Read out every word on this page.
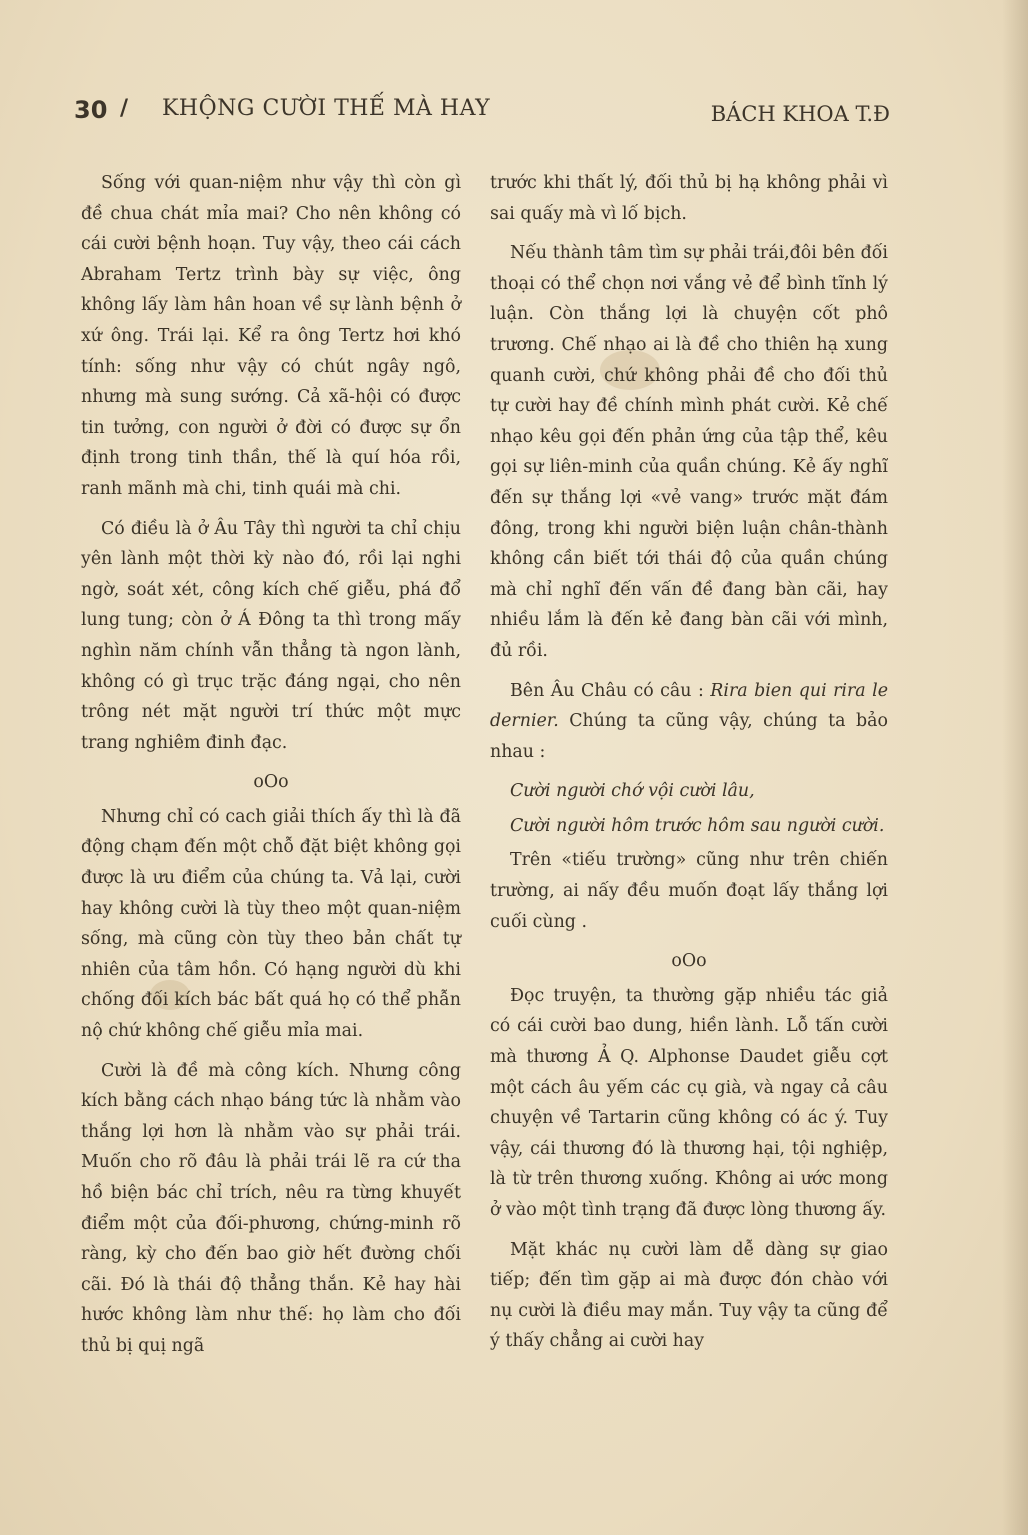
30 / KHỘNG CƯỜI THẾ MÀ HAY	BÁCH KHOA T.Đ

Sống với quan-niệm như vậy thì còn gì đề chua chát mỉa mai? Cho nên không có cái cười bệnh hoạn. Tuy vậy, theo cái cách Abraham Tertz trình bày sự việc, ông không lấy làm hân hoan về sự lành bệnh ở xứ ông. Trái lại. Kể ra ông Tertz hơi khó tính: sống như vậy có chút ngây ngô, nhưng mà sung sướng. Cả xã-hội có được tin tưởng, con người ở đời có được sự ổn định trong tinh thần, thế là quí hóa rồi, ranh mãnh mà chi, tinh quái mà chi.

Có điều là ở Âu Tây thì người ta chỉ chịu yên lành một thời kỳ nào đó, rồi lại nghi ngờ, soát xét, công kích chế giễu, phá đổ lung tung; còn ở Á Đông ta thì trong mấy nghìn năm chính vẫn thẳng tà ngon lành, không có gì trục trặc đáng ngại, cho nên trông nét mặt người trí thức một mực trang nghiêm đinh đạc.

oOo

Nhưng chỉ có cach giải thích ấy thì là đã động chạm đến một chỗ đặt biệt không gọi được là ưu điểm của chúng ta. Vả lại, cười hay không cười là tùy theo một quan-niệm sống, mà cũng còn tùy theo bản chất tự nhiên của tâm hồn. Có hạng người dù khi chống đối kích bác bất quá họ có thể phẫn nộ chứ không chế giễu mỉa mai.

Cười là đề mà công kích. Nhưng công kích bằng cách nhạo báng tức là nhằm vào thắng lợi hơn là nhằm vào sự phải trái. Muốn cho rõ đâu là phải trái lẽ ra cứ tha hồ biện bác chỉ trích, nêu ra từng khuyết điểm một của đối-phương, chứng-minh rõ ràng, kỳ cho đến bao giờ hết đường chối cãi. Đó là thái độ thẳng thắn. Kẻ hay hài hước không làm như thế: họ làm cho đối thủ bị quị ngã

trước khi thất lý, đối thủ bị hạ không phải vì sai quấy mà vì lố bịch.

Nếu thành tâm tìm sự phải trái,đôi bên đối thoại có thể chọn nơi vắng vẻ để bình tĩnh lý luận. Còn thắng lợi là chuyện cốt phô trương. Chế nhạo ai là đề cho thiên hạ xung quanh cười, chứ không phải đề cho đối thủ tự cười hay đề chính mình phát cười. Kẻ chế nhạo kêu gọi đến phản ứng của tập thể, kêu gọi sự liên-minh của quần chúng. Kẻ ấy nghĩ đến sự thắng lợi «vẻ vang» trước mặt đám đông, trong khi người biện luận chân-thành không cần biết tới thái độ của quần chúng mà chỉ nghĩ đến vấn đề đang bàn cãi, hay nhiều lắm là đến kẻ đang bàn cãi với mình, đủ rồi.

Bên Âu Châu có câu : Rira bien qui rira le dernier. Chúng ta cũng vậy, chúng ta bảo nhau :

Cười người chớ vội cười lâu,
Cười người hôm trước hôm sau người cười.

Trên «tiếu trường» cũng như trên chiến trường, ai nấy đều muốn đoạt lấy thắng lợi cuối cùng .

oOo

Đọc truyện, ta thường gặp nhiều tác giả có cái cười bao dung, hiền lành. Lỗ tấn cười mà thương Ả Q. Alphonse Daudet giễu cợt một cách âu yếm các cụ già, và ngay cả câu chuyện về Tartarin cũng không có ác ý. Tuy vậy, cái thương đó là thương hại, tội nghiệp, là từ trên thương xuống. Không ai ước mong ở vào một tình trạng đã được lòng thương ấy.

Mặt khác nụ cười làm dễ dàng sự giao tiếp; đến tìm gặp ai mà được đón chào với nụ cười là điều may mắn. Tuy vậy ta cũng để ý thấy chẳng ai cười hay
